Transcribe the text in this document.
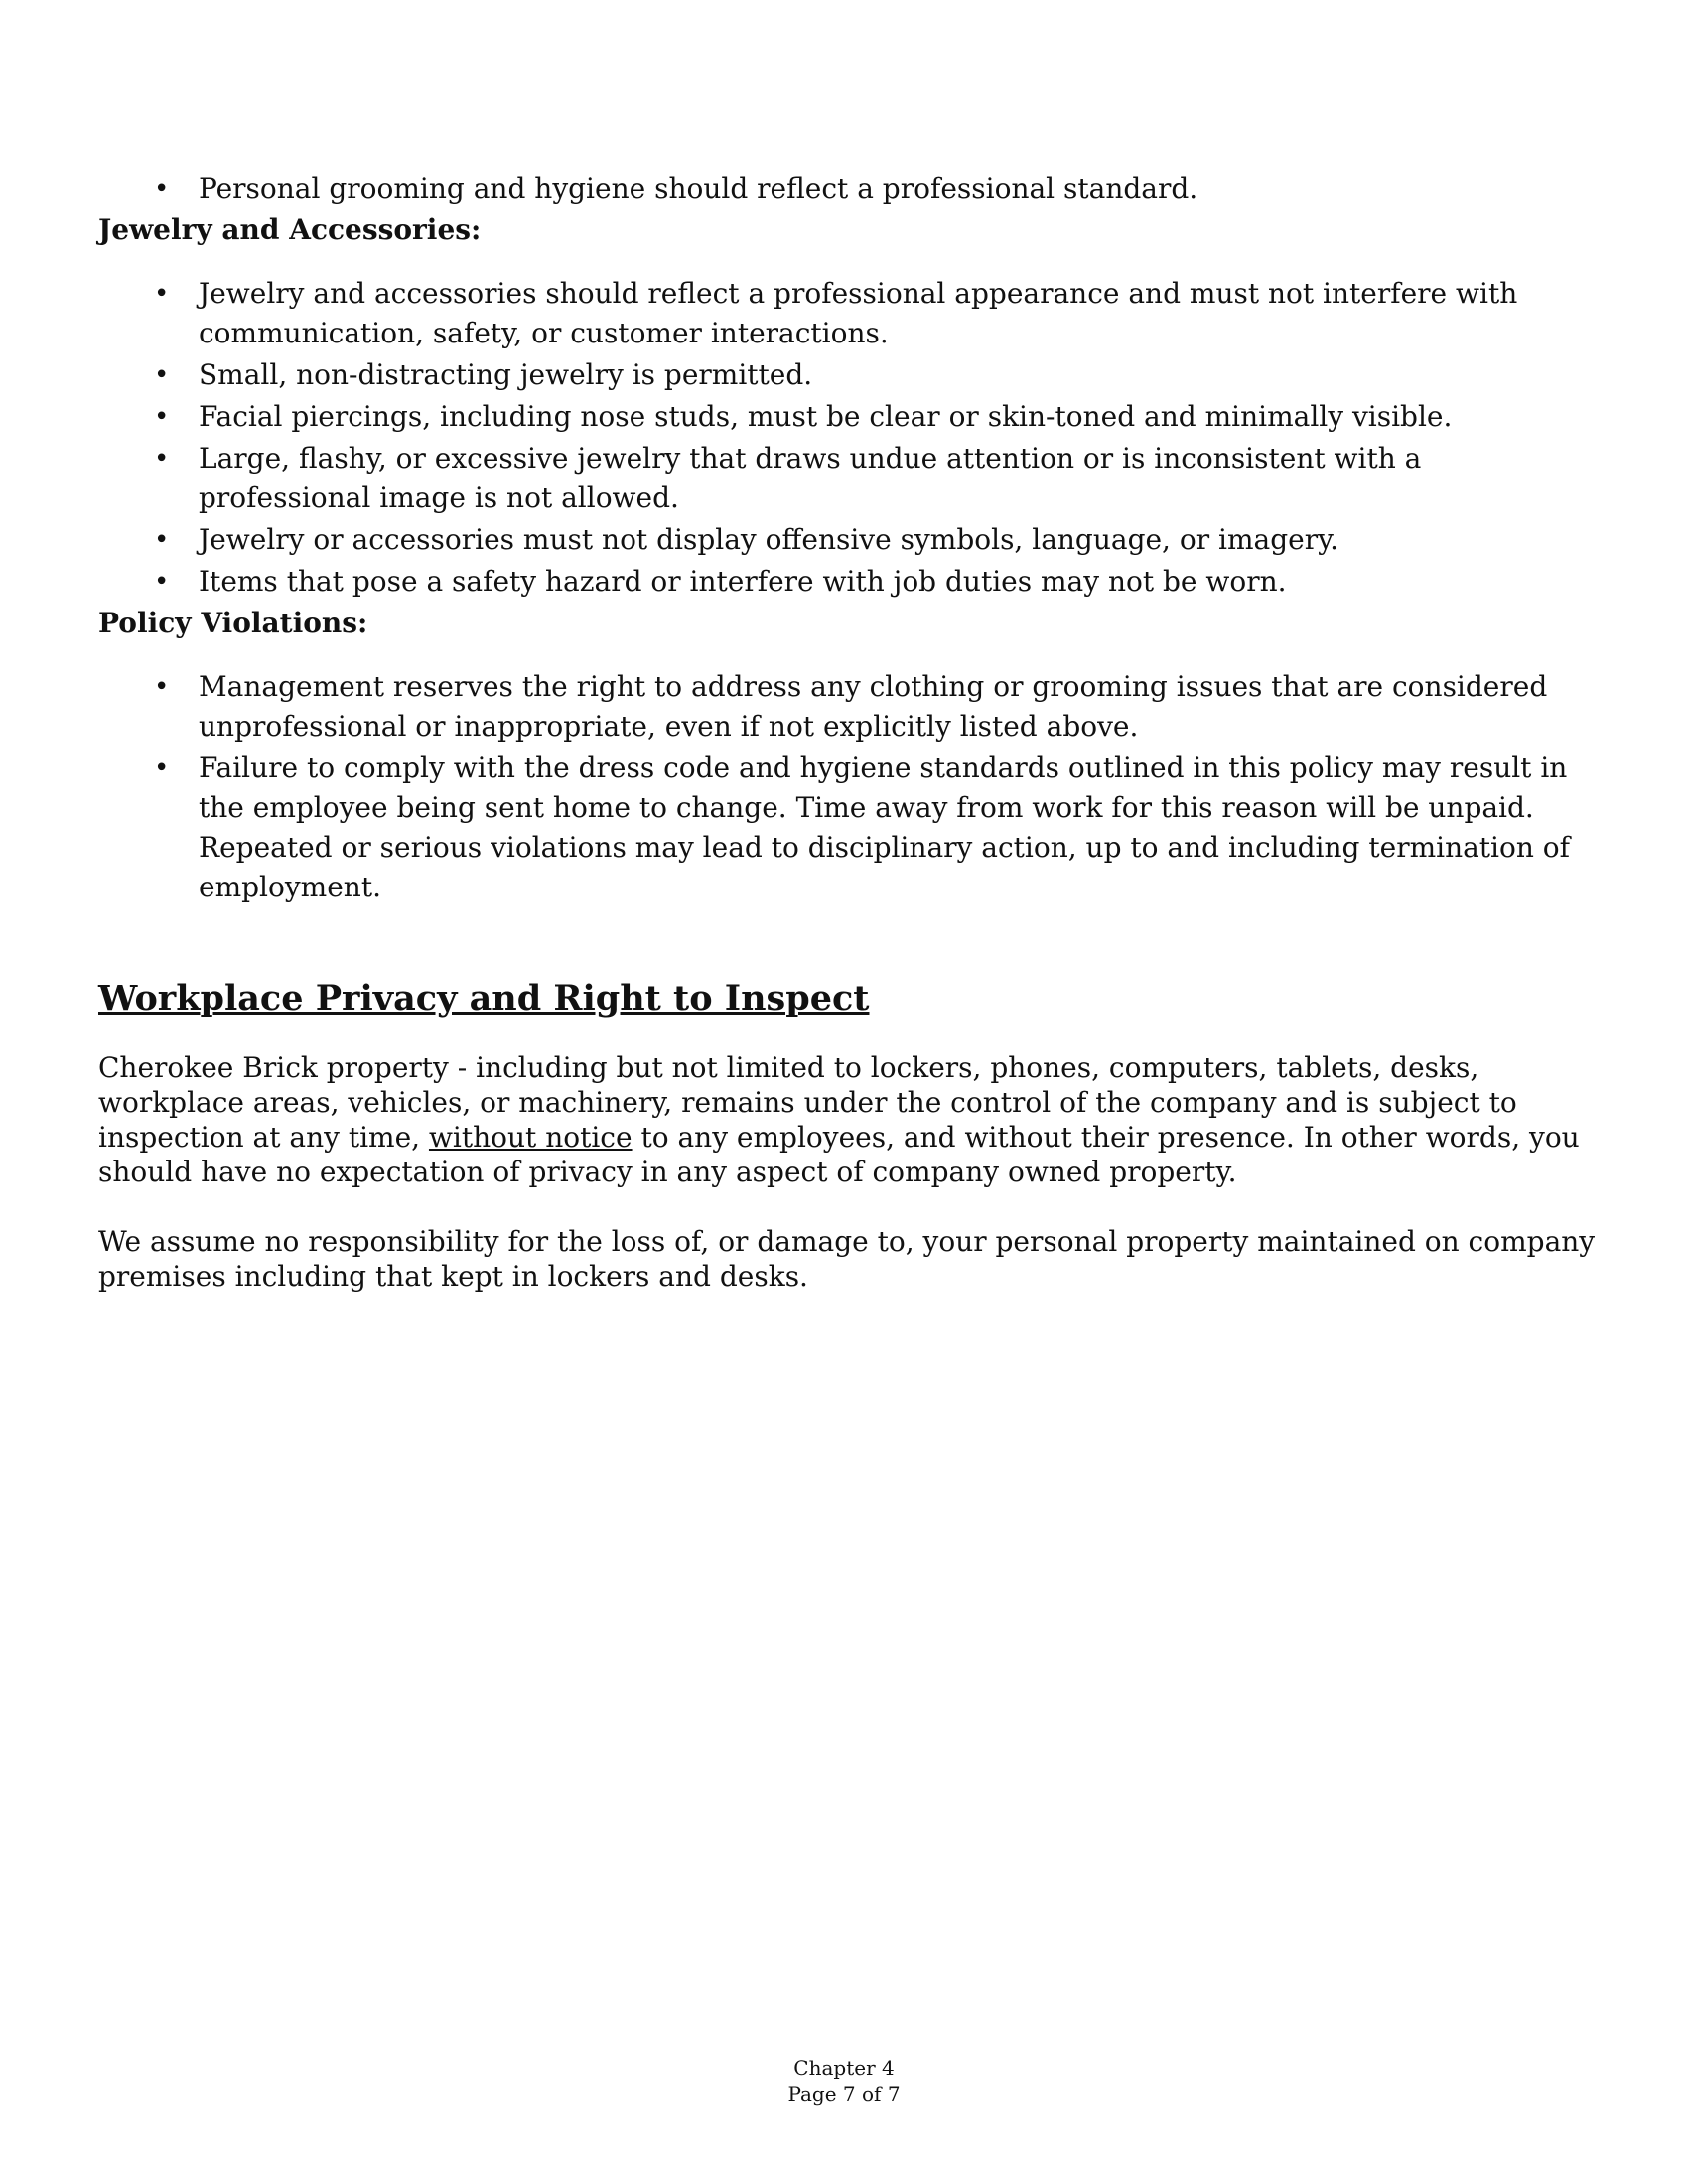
• Personal grooming and hygiene should reflect a professional standard.

Jewelry and Accessories:

• Jewelry and accessories should reflect a professional appearance and must not interfere with communication, safety, or customer interactions.
• Small, non-distracting jewelry is permitted.
• Facial piercings, including nose studs, must be clear or skin-toned and minimally visible.
• Large, flashy, or excessive jewelry that draws undue attention or is inconsistent with a professional image is not allowed.
• Jewelry or accessories must not display offensive symbols, language, or imagery.
• Items that pose a safety hazard or interfere with job duties may not be worn.

Policy Violations:

• Management reserves the right to address any clothing or grooming issues that are considered unprofessional or inappropriate, even if not explicitly listed above.
• Failure to comply with the dress code and hygiene standards outlined in this policy may result in the employee being sent home to change. Time away from work for this reason will be unpaid. Repeated or serious violations may lead to disciplinary action, up to and including termination of employment.
Workplace Privacy and Right to Inspect

Cherokee Brick property - including but not limited to lockers, phones, computers, tablets, desks, workplace areas, vehicles, or machinery, remains under the control of the company and is subject to inspection at any time, without notice to any employees, and without their presence. In other words, you should have no expectation of privacy in any aspect of company owned property.

We assume no responsibility for the loss of, or damage to, your personal property maintained on company premises including that kept in lockers and desks.

Chapter 4
Page 7 of 7
